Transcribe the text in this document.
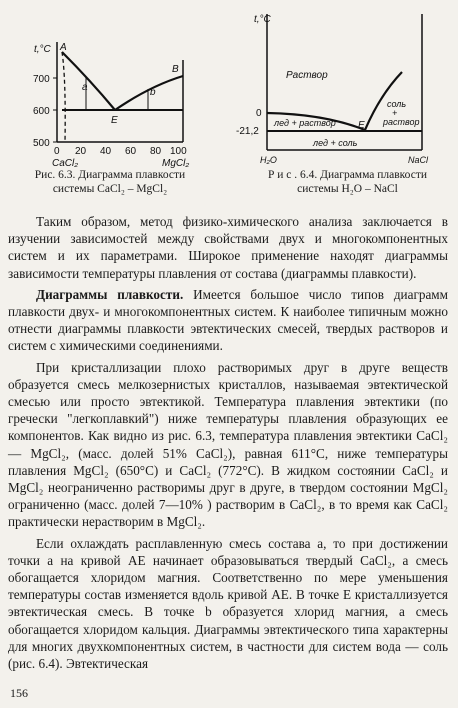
t,°C
700
600
500
0 20 40 60 80 100
CaCl₂	MgCl₂
A
B
a	b
E
Рис. 6.3. Диаграмма плавкости
системы CaCl₂ – MgCl₂
t,°C
0
-21,2
Раствор
лед + раствор
соль
+
раствор
E
лед + соль
H₂O	NaCl
Р и с . 6.4. Диаграмма плавкости
системы H₂O – NaCl

Таким образом, метод физико-химического анализа заключается в изучении зависимостей между свойствами двух и многокомпонентных систем и их параметрами. Широкое применение находят диаграммы зависимости температуры плавления от состава (диаграммы плавкости).

Диаграммы плавкости. Имеется большое число типов диаграмм плавкости двух- и многокомпонентных систем. К наиболее типичным можно отнести диаграммы плавкости эвтектических смесей, твердых растворов и систем с химическими соединениями.

При кристаллизации плохо растворимых друг в друге веществ образуется смесь мелкозернистых кристаллов, называемая эвтектической смесью или просто эвтектикой. Температура плавления эвтектики (по гречески "легкоплавкий") ниже температуры плавления образующих ее компонентов. Как видно из рис. 6.3, температура плавления эвтектики CaCl₂ — MgCl₂, (масс. долей 51% CaCl₂), равная 611°C, ниже температуры плавления MgCl₂ (650°C) и CaCl₂ (772°C). В жидком состоянии CaCl₂ и MgCl₂ неограниченно растворимы друг в друге, в твердом состоянии MgCl₂ ограниченно (масс. долей 7—10% ) растворим в CaCl₂, в то время как CaCl₂ практически нерастворим в MgCl₂.

Если охлаждать расплавленную смесь состава a, то при достижении точки a на кривой AE начинает образовываться твердый CaCl₂, а смесь обогащается хлоридом магния. Соответственно по мере уменьшения температуры состав изменяется вдоль кривой AE. В точке E кристаллизуется эвтектическая смесь. В точке b образуется хлорид магния, а смесь обогащается хлоридом кальция. Диаграммы эвтектического типа характерны для многих двухкомпонентных систем, в частности для систем вода — соль (рис. 6.4). Эвтектическая

156
